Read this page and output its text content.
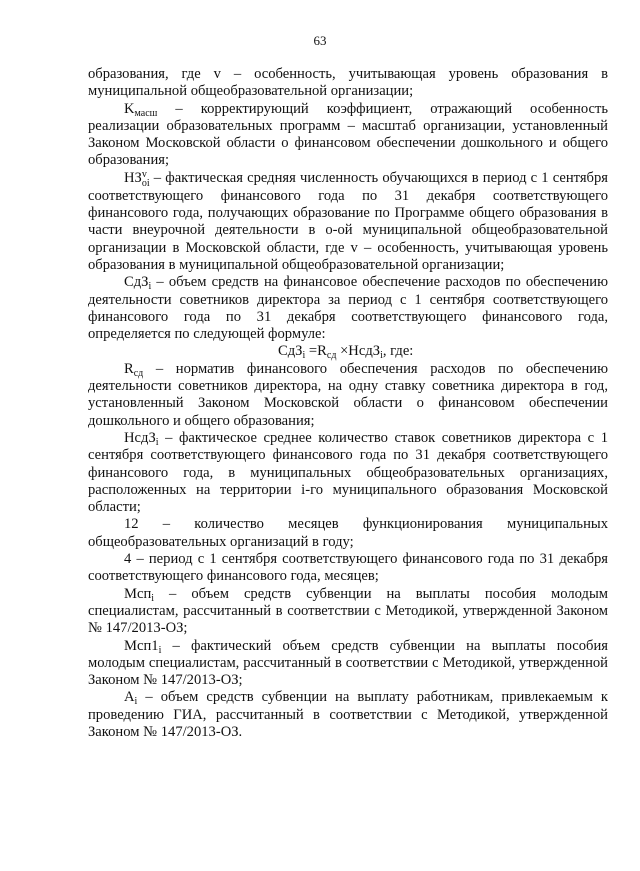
63

образования, где v – особенность, учитывающая уровень образования в муниципальной общеобразовательной организации;

$K_{масш}$ – корректирующий коэффициент, отражающий особенность реализации образовательных программ – масштаб организации, установленный Законом Московской области о финансовом обеспечении дошкольного и общего образования;

НЗ v
oi – фактическая средняя численность обучающихся в период с 1 сентября соответствующего финансового года по 31 декабря соответствующего финансового года, получающих образование по Программе общего образования в части внеурочной деятельности в о-ой муниципальной общеобразовательной организации в Московской области, где v – особенность, учитывающая уровень образования в муниципальной общеобразовательной организации;

СдЗ$_i$ – объем средств на финансовое обеспечение расходов по обеспечению деятельности советников директора за период с 1 сентября соответствующего финансового года по 31 декабря соответствующего финансового года, определяется по следующей формуле:

$СдЗ_i =R_{сд}$ ×НсдЗ$_i$, где:

$R_{сд}$ – норматив финансового обеспечения расходов по обеспечению деятельности советников директора, на одну ставку советника директора в год, установленный Законом Московской области о финансовом обеспечении дошкольного и общего образования;

НсдЗ$_i$ – фактическое среднее количество ставок советников директора с 1 сентября соответствующего финансового года по 31 декабря соответствующего финансового года, в муниципальных общеобразовательных организациях, расположенных на территории i-го муниципального образования Московской области;

12 – количество месяцев функционирования муниципальных общеобразовательных организаций в году;

4 – период с 1 сентября соответствующего финансового года по 31 декабря соответствующего финансового года, месяцев;

Мсп$_i$ – объем средств субвенции на выплаты пособия молодым специалистам, рассчитанный в соответствии с Методикой, утвержденной Законом № 147/2013-ОЗ;

$Мсп1_i$ – фактический объем средств субвенции на выплаты пособия молодым специалистам, рассчитанный в соответствии с Методикой, утвержденной Законом № 147/2013-ОЗ;

$А_i$ – объем средств субвенции на выплату работникам, привлекаемым к проведению ГИА, рассчитанный в соответствии с Методикой, утвержденной Законом № 147/2013-ОЗ.
